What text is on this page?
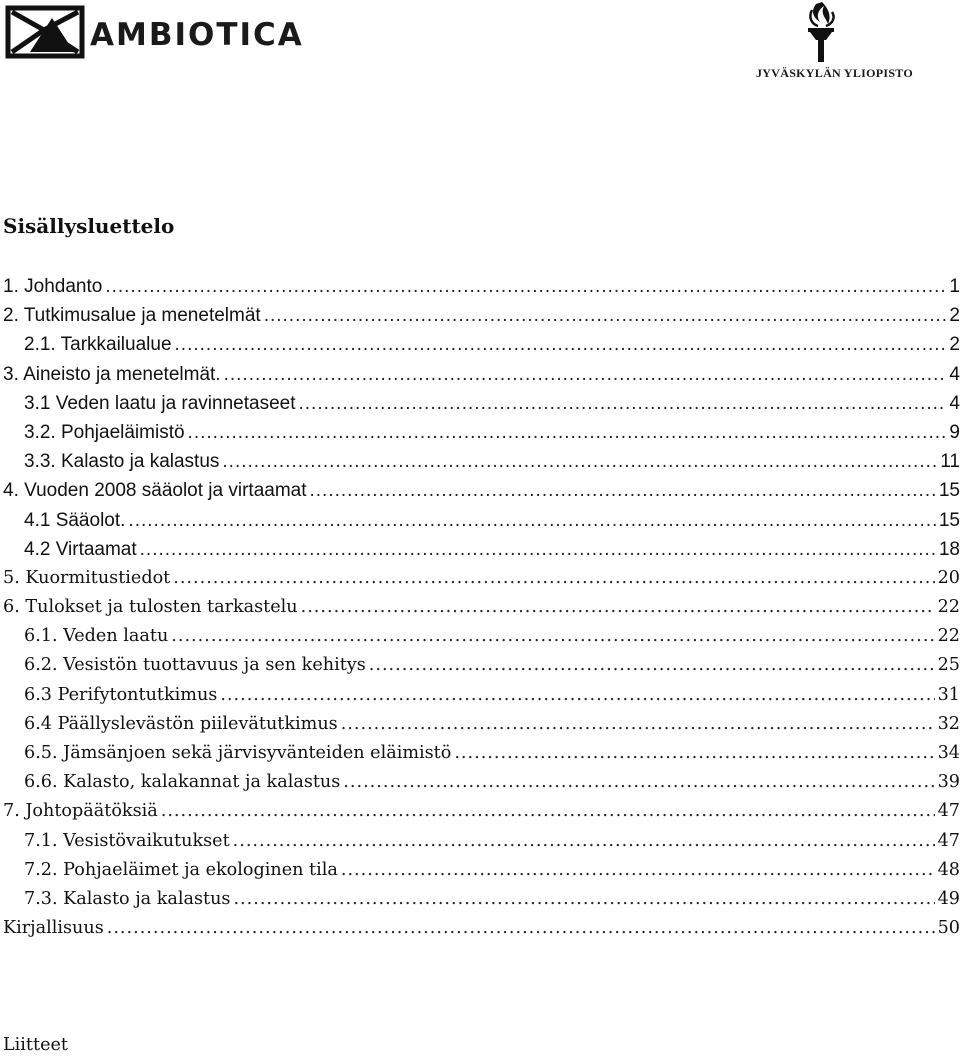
AMBIOTICA
JYVÄSKYLÄN YLIOPISTO
Sisällysluettelo
1. Johdanto .....	1
2. Tutkimusalue ja menetelmät .....	2
2.1. Tarkkailualue .....	2
3. Aineisto ja menetelmät. .....	4
3.1 Veden laatu ja ravinnetaseet .....	4
3.2. Pohjaeläimistö .....	9
3.3. Kalasto ja kalastus .....	11
4. Vuoden 2008 sääolot ja virtaamat .....	15
4.1 Sääolot. .....	15
4.2 Virtaamat .....	18
5. Kuormitustiedot .....	20
6. Tulokset ja tulosten tarkastelu .....	22
6.1. Veden laatu .....	22
6.2. Vesistön tuottavuus ja sen kehitys .....	25
6.3 Perifytontutkimus .....	31
6.4 Päällyslevästön piilevätutkimus .....	32
6.5. Jämsänjoen sekä järvisyvänteiden eläimistö .....	34
6.6. Kalasto, kalakannat ja kalastus .....	39
7. Johtopäätöksiä .....	47
7.1. Vesistövaikutukset .....	47
7.2. Pohjaeläimet ja ekologinen tila .....	48
7.3. Kalasto ja kalastus .....	49
Kirjallisuus .....	50
Liitteet
